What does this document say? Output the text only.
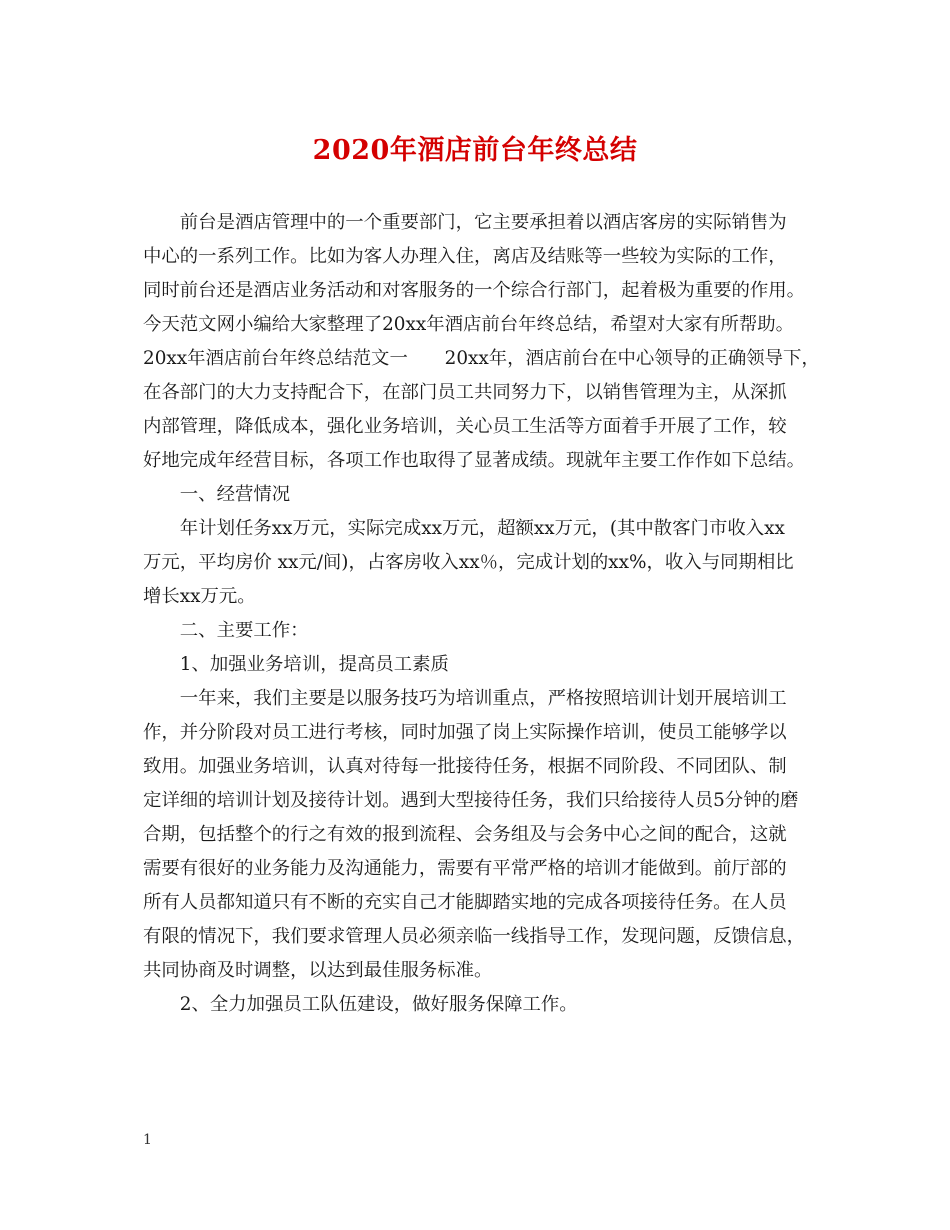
2020年酒店前台年终总结

　　前台是酒店管理中的一个重要部门，它主要承担着以酒店客房的实际销售为

中心的一系列工作。比如为客人办理入住，离店及结账等一些较为实际的工作，

同时前台还是酒店业务活动和对客服务的一个综合行部门，起着极为重要的作用。

今天范文网小编给大家整理了20xx年酒店前台年终总结，希望对大家有所帮助。

20xx年酒店前台年终总结范文一　　20xx年，酒店前台在中心领导的正确领导下，

在各部门的大力支持配合下，在部门员工共同努力下，以销售管理为主，从深抓

内部管理，降低成本，强化业务培训，关心员工生活等方面着手开展了工作，较

好地完成年经营目标，各项工作也取得了显著成绩。现就年主要工作作如下总结。

　　一、经营情况

　　年计划任务xx万元，实际完成xx万元，超额xx万元，(其中散客门市收入xx

万元，平均房价 xx元/间)，占客房收入xx％，完成计划的xx%，收入与同期相比

增长xx万元。

　　二、主要工作：

　　1、加强业务培训，提高员工素质

　　一年来，我们主要是以服务技巧为培训重点，严格按照培训计划开展培训工

作，并分阶段对员工进行考核，同时加强了岗上实际操作培训，使员工能够学以

致用。加强业务培训，认真对待每一批接待任务，根据不同阶段、不同团队、制

定详细的培训计划及接待计划。遇到大型接待任务，我们只给接待人员5分钟的磨

合期，包括整个的行之有效的报到流程、会务组及与会务中心之间的配合，这就

需要有很好的业务能力及沟通能力，需要有平常严格的培训才能做到。前厅部的

所有人员都知道只有不断的充实自己才能脚踏实地的完成各项接待任务。在人员

有限的情况下，我们要求管理人员必须亲临一线指导工作，发现问题，反馈信息，

共同协商及时调整，以达到最佳服务标准。

　　2、全力加强员工队伍建设，做好服务保障工作。

1
